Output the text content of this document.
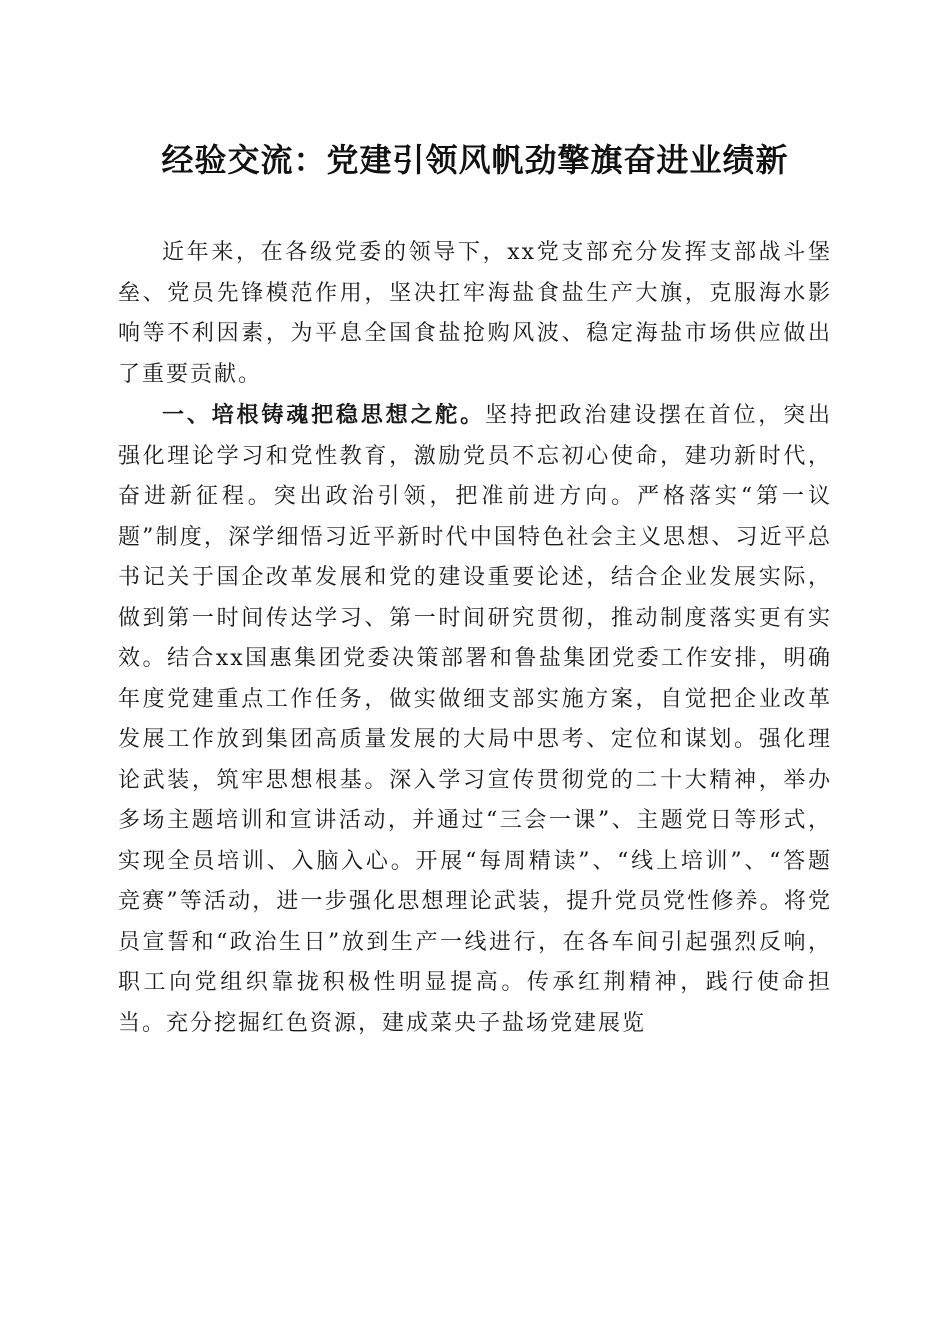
经验交流：党建引领风帆劲擎旗奋进业绩新

近年来，在各级党委的领导下，xx党支部充分发挥支部战斗堡垒、党员先锋模范作用，坚决扛牢海盐食盐生产大旗，克服海水影响等不利因素，为平息全国食盐抢购风波、稳定海盐市场供应做出了重要贡献。

一、培根铸魂把稳思想之舵。坚持把政治建设摆在首位，突出强化理论学习和党性教育，激励党员不忘初心使命，建功新时代，奋进新征程。突出政治引领，把准前进方向。严格落实“第一议题”制度，深学细悟习近平新时代中国特色社会主义思想、习近平总书记关于国企改革发展和党的建设重要论述，结合企业发展实际，做到第一时间传达学习、第一时间研究贯彻，推动制度落实更有实效。结合xx国惠集团党委决策部署和鲁盐集团党委工作安排，明确年度党建重点工作任务，做实做细支部实施方案，自觉把企业改革发展工作放到集团高质量发展的大局中思考、定位和谋划。强化理论武装，筑牢思想根基。深入学习宣传贯彻党的二十大精神，举办多场主题培训和宣讲活动，并通过“三会一课”、主题党日等形式，实现全员培训、入脑入心。开展“每周精读”、“线上培训”、“答题竞赛”等活动，进一步强化思想理论武装，提升党员党性修养。将党员宣誓和“政治生日”放到生产一线进行，在各车间引起强烈反响，职工向党组织靠拢积极性明显提高。传承红荆精神，践行使命担当。充分挖掘红色资源，建成菜央子盐场党建展览
